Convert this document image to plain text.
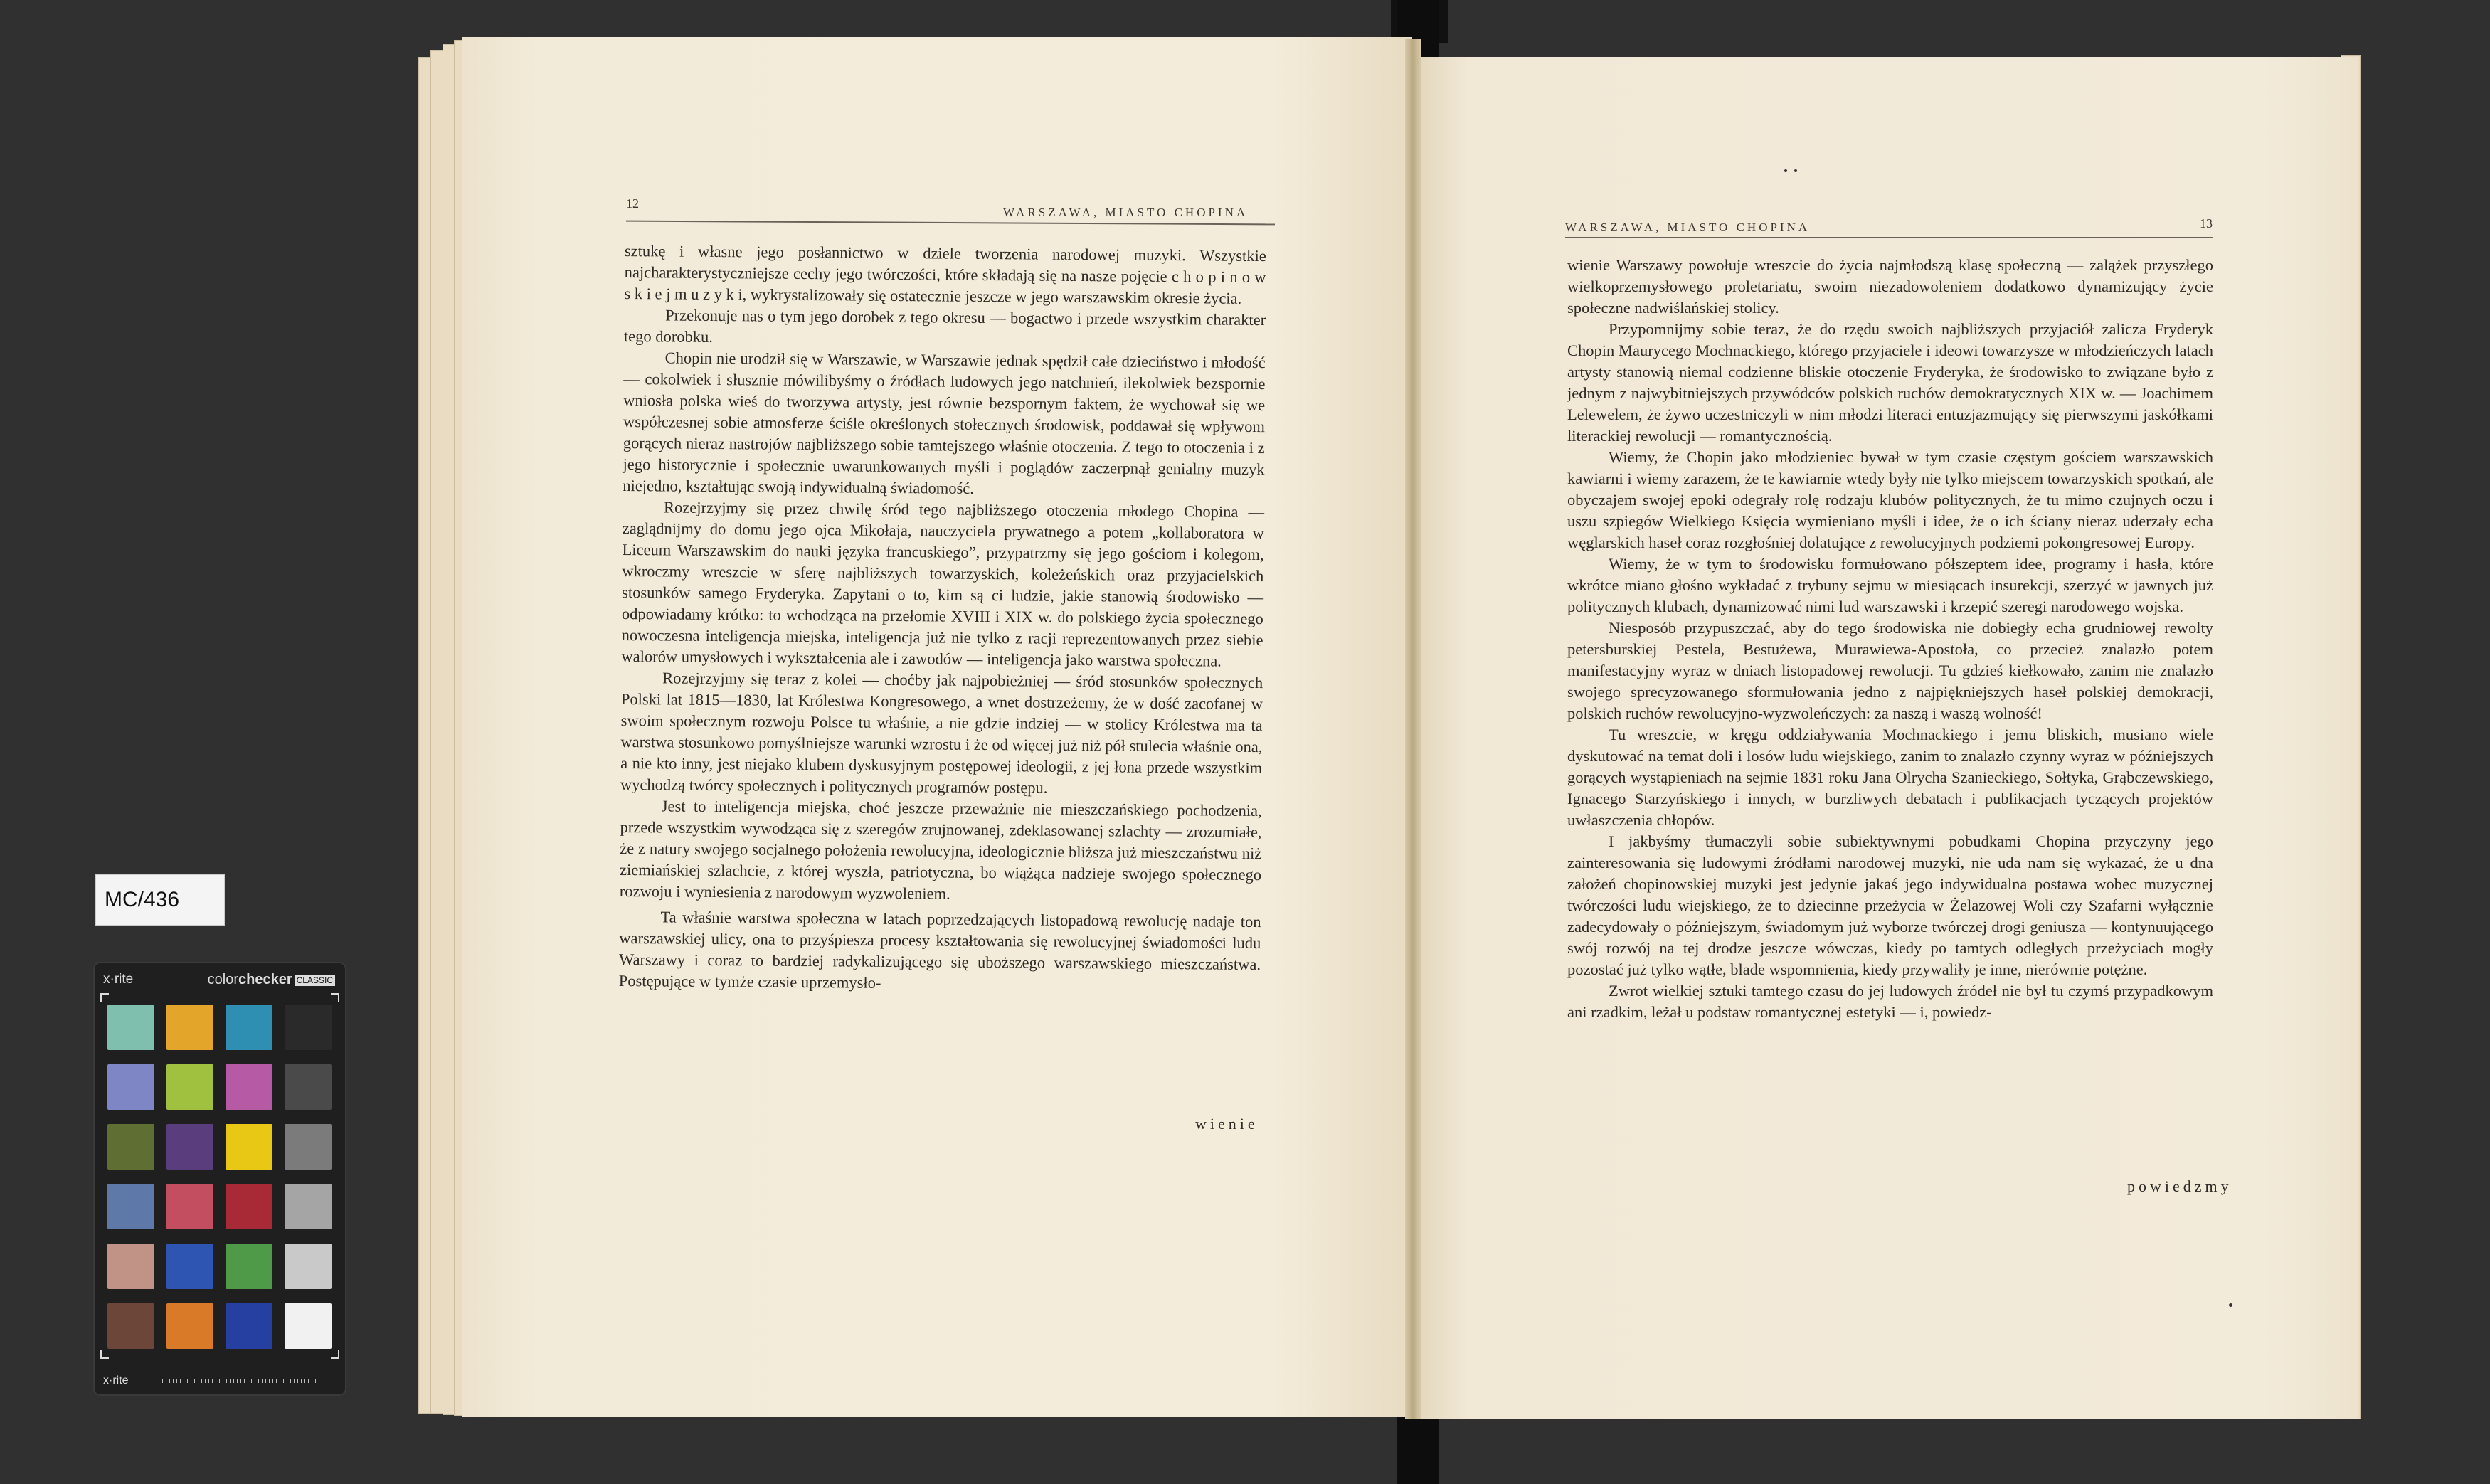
12
WARSZAWA, MIASTO CHOPINA

sztukę i własne jego posłannictwo w dziele tworzenia narodowej muzyki. Wszystkie najcharakterystyczniejsze cechy jego twórczości, które składają się na nasze pojęcie c h o p i n o w s k i e j m u z y k i, wykrystalizowały się ostatecznie jeszcze w jego warszawskim okresie życia.

Przekonuje nas o tym jego dorobek z tego okresu — bogactwo i przede wszystkim charakter tego dorobku.

Chopin nie urodził się w Warszawie, w Warszawie jednak spędził całe dzieciństwo i młodość — cokolwiek i słusznie mówilibyśmy o źródłach ludowych jego natchnień, ilekolwiek bezspornie wniosła polska wieś do tworzywa artysty, jest równie bezspornym faktem, że wychował się we współczesnej sobie atmosferze ściśle określonych stołecznych środowisk, poddawał się wpływom gorących nieraz nastrojów najbliższego sobie tamtejszego właśnie otoczenia. Z tego to otoczenia i z jego historycznie i społecznie uwarunkowanych myśli i poglądów zaczerpnął genialny muzyk niejedno, kształtując swoją indywidualną świadomość.

Rozejrzyjmy się przez chwilę śród tego najbliższego otoczenia młodego Chopina — zaglądnijmy do domu jego ojca Mikołaja, nauczyciela prywatnego a potem „kollaboratora w Liceum Warszawskim do nauki języka francuskiego”, przypatrzmy się jego gościom i kolegom, wkroczmy wreszcie w sferę najbliższych towarzyskich, koleżeńskich oraz przyjacielskich stosunków samego Fryderyka. Zapytani o to, kim są ci ludzie, jakie stanowią środowisko — odpowiadamy krótko: to wchodząca na przełomie XVIII i XIX w. do polskiego życia społecznego nowoczesna inteligencja miejska, inteligencja już nie tylko z racji reprezentowanych przez siebie walorów umysłowych i wykształcenia ale i zawodów — inteligencja jako warstwa społeczna.

Rozejrzyjmy się teraz z kolei — choćby jak najpobieżniej — śród stosunków społecznych Polski lat 1815—1830, lat Królestwa Kongresowego, a wnet dostrzeżemy, że w dość zacofanej w swoim społecznym rozwoju Polsce tu właśnie, a nie gdzie indziej — w stolicy Królestwa ma ta warstwa stosunkowo pomyślniejsze warunki wzrostu i że od więcej już niż pół stulecia właśnie ona, a nie kto inny, jest niejako klubem dyskusyjnym postępowej ideologii, z jej łona przede wszystkim wychodzą twórcy społecznych i politycznych programów postępu.

Jest to inteligencja miejska, choć jeszcze przeważnie nie mieszczańskiego pochodzenia, przede wszystkim wywodząca się z szeregów zrujnowanej, zdeklasowanej szlachty — zrozumiałe, że z natury swojego socjalnego położenia rewolucyjna, ideologicznie bliższa już mieszczaństwu niż ziemiańskiej szlachcie, z której wyszła, patriotyczna, bo wiążąca nadzieje swojego społecznego rozwoju i wyniesienia z narodowym wyzwoleniem.

Ta właśnie warstwa społeczna w latach poprzedzających listopadową rewolucję nadaje ton warszawskiej ulicy, ona to przyśpiesza procesy kształtowania się rewolucyjnej świadomości ludu Warszawy i coraz to bardziej radykalizującego się uboższego warszawskiego mieszczaństwa. Postępujące w tymże czasie uprzemysło-

wienie
WARSZAWA, MIASTO CHOPINA	13

wienie Warszawy powołuje wreszcie do życia najmłodszą klasę społeczną — zalążek przyszłego wielkoprzemysłowego proletariatu, swoim niezadowoleniem dodatkowo dynamizujący życie społeczne nadwiślańskiej stolicy.

Przypomnijmy sobie teraz, że do rzędu swoich najbliższych przyjaciół zalicza Fryderyk Chopin Maurycego Mochnackiego, którego przyjaciele i ideowi towarzysze w młodzieńczych latach artysty stanowią niemal codzienne bliskie otoczenie Fryderyka, że środowisko to związane było z jednym z najwybitniejszych przywódców polskich ruchów demokratycznych XIX w. — Joachimem Lelewelem, że żywo uczestniczyli w nim młodzi literaci entuzjazmujący się pierwszymi jaskółkami literackiej rewolucji — romantycznością.

Wiemy, że Chopin jako młodzieniec bywał w tym czasie częstym gościem warszawskich kawiarni i wiemy zarazem, że te kawiarnie wtedy były nie tylko miejscem towarzyskich spotkań, ale obyczajem swojej epoki odegrały rolę rodzaju klubów politycznych, że tu mimo czujnych oczu i uszu szpiegów Wielkiego Księcia wymieniano myśli i idee, że o ich ściany nieraz uderzały echa węglarskich haseł coraz rozgłośniej dolatujące z rewolucyjnych podziemi pokongresowej Europy.

Wiemy, że w tym to środowisku formułowano półszeptem idee, programy i hasła, które wkrótce miano głośno wykładać z trybuny sejmu w miesiącach insurekcji, szerzyć w jawnych już politycznych klubach, dynamizować nimi lud warszawski i krzepić szeregi narodowego wojska.

Niesposób przypuszczać, aby do tego środowiska nie dobiegły echa grudniowej rewolty petersburskiej Pestela, Bestużewa, Murawiewa-Apostoła, co przecież znalazło potem manifestacyjny wyraz w dniach listopadowej rewolucji. Tu gdzieś kiełkowało, zanim nie znalazło swojego sprecyzowanego sformułowania jedno z najpiękniejszych haseł polskiej demokracji, polskich ruchów rewolucyjno-wyzwoleńczych: za naszą i waszą wolność!

Tu wreszcie, w kręgu oddziaływania Mochnackiego i jemu bliskich, musiano wiele dyskutować na temat doli i losów ludu wiejskiego, zanim to znalazło czynny wyraz w późniejszych gorących wystąpieniach na sejmie 1831 roku Jana Olrycha Szanieckiego, Sołtyka, Grąbczewskiego, Ignacego Starzyńskiego i innych, w burzliwych debatach i publikacjach tyczących projektów uwłaszczenia chłopów.

I jakbyśmy tłumaczyli sobie subiektywnymi pobudkami Chopina przyczyny jego zainteresowania się ludowymi źródłami narodowej muzyki, nie uda nam się wykazać, że u dna założeń chopinowskiej muzyki jest jedynie jakaś jego indywidualna postawa wobec muzycznej twórczości ludu wiejskiego, że to dziecinne przeżycia w Żelazowej Woli czy Szafarni wyłącznie zadecydowały o późniejszym, świadomym już wyborze twórczej drogi geniusza — kontynuującego swój rozwój na tej drodze jeszcze wówczas, kiedy po tamtych odległych przeżyciach mogły pozostać już tylko wątłe, blade wspomnienia, kiedy przywaliły je inne, nierównie potężne.

Zwrot wielkiej sztuki tamtego czasu do jej ludowych źródeł nie był tu czymś przypadkowym ani rzadkim, leżał u podstaw romantycznej estetyki — i, powiedz-

powiedzmy
MC/436
x·rite	colorchecker CLASSIC
x·rite
